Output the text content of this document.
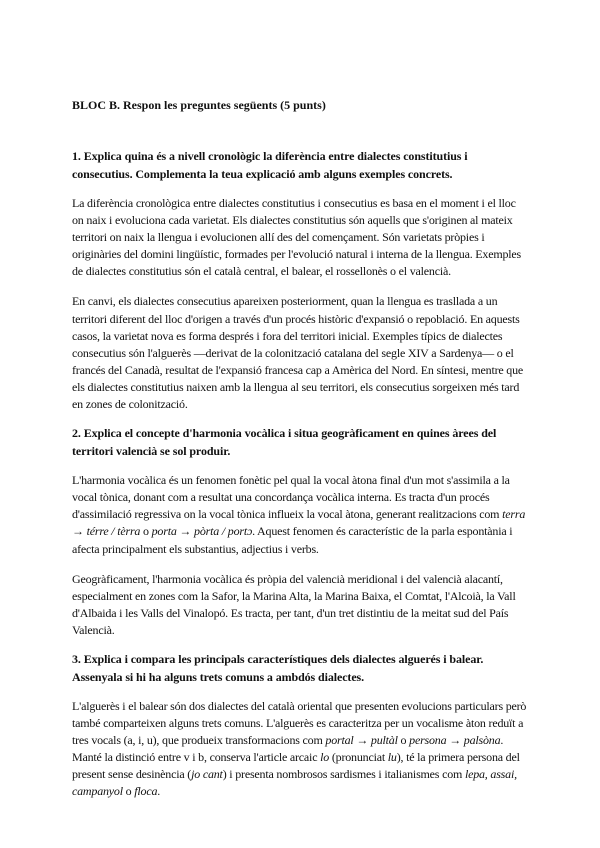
BLOC B. Respon les preguntes següents (5 punts)
1. Explica quina és a nivell cronològic la diferència entre dialectes constitutius i consecutius. Complementa la teua explicació amb alguns exemples concrets.
La diferència cronològica entre dialectes constitutius i consecutius es basa en el moment i el lloc on naix i evoluciona cada varietat. Els dialectes constitutius són aquells que s'originen al mateix territori on naix la llengua i evolucionen allí des del començament. Són varietats pròpies i originàries del domini lingüístic, formades per l'evolució natural i interna de la llengua. Exemples de dialectes constitutius són el català central, el balear, el rossellonès o el valencià.
En canvi, els dialectes consecutius apareixen posteriorment, quan la llengua es trasllada a un territori diferent del lloc d'origen a través d'un procés històric d'expansió o repoblació. En aquests casos, la varietat nova es forma després i fora del territori inicial. Exemples típics de dialectes consecutius són l'alguerès —derivat de la colonització catalana del segle XIV a Sardenya— o el francés del Canadà, resultat de l'expansió francesa cap a Amèrica del Nord. En síntesi, mentre que els dialectes constitutius naixen amb la llengua al seu territori, els consecutius sorgeixen més tard en zones de colonització.
2. Explica el concepte d'harmonia vocàlica i situa geogràficament en quines àrees del territori valencià se sol produir.
L'harmonia vocàlica és un fenomen fonètic pel qual la vocal àtona final d'un mot s'assimila a la vocal tònica, donant com a resultat una concordança vocàlica interna. Es tracta d'un procés d'assimilació regressiva on la vocal tònica influeix la vocal àtona, generant realitzacions com terra → térre / tèrra o porta → pòrta / portɔ. Aquest fenomen és característic de la parla espontània i afecta principalment els substantius, adjectius i verbs.
Geogràficament, l'harmonia vocàlica és pròpia del valencià meridional i del valencià alacantí, especialment en zones com la Safor, la Marina Alta, la Marina Baixa, el Comtat, l'Alcoià, la Vall d'Albaida i les Valls del Vinalopó. Es tracta, per tant, d'un tret distintiu de la meitat sud del País Valencià.
3. Explica i compara les principals característiques dels dialectes alguerés i balear. Assenyala si hi ha alguns trets comuns a ambdós dialectes.
L'alguerès i el balear són dos dialectes del català oriental que presenten evolucions particulars però també comparteixen alguns trets comuns. L'alguerès es caracteritza per un vocalisme àton reduït a tres vocals (a, i, u), que produeix transformacions com portal → pultàl o persona → palsòna. Manté la distinció entre v i b, conserva l'article arcaic lo (pronunciat lu), té la primera persona del present sense desinència (jo cant) i presenta nombrosos sardismes i italianismes com lepa, assai, campanyol o floca.
